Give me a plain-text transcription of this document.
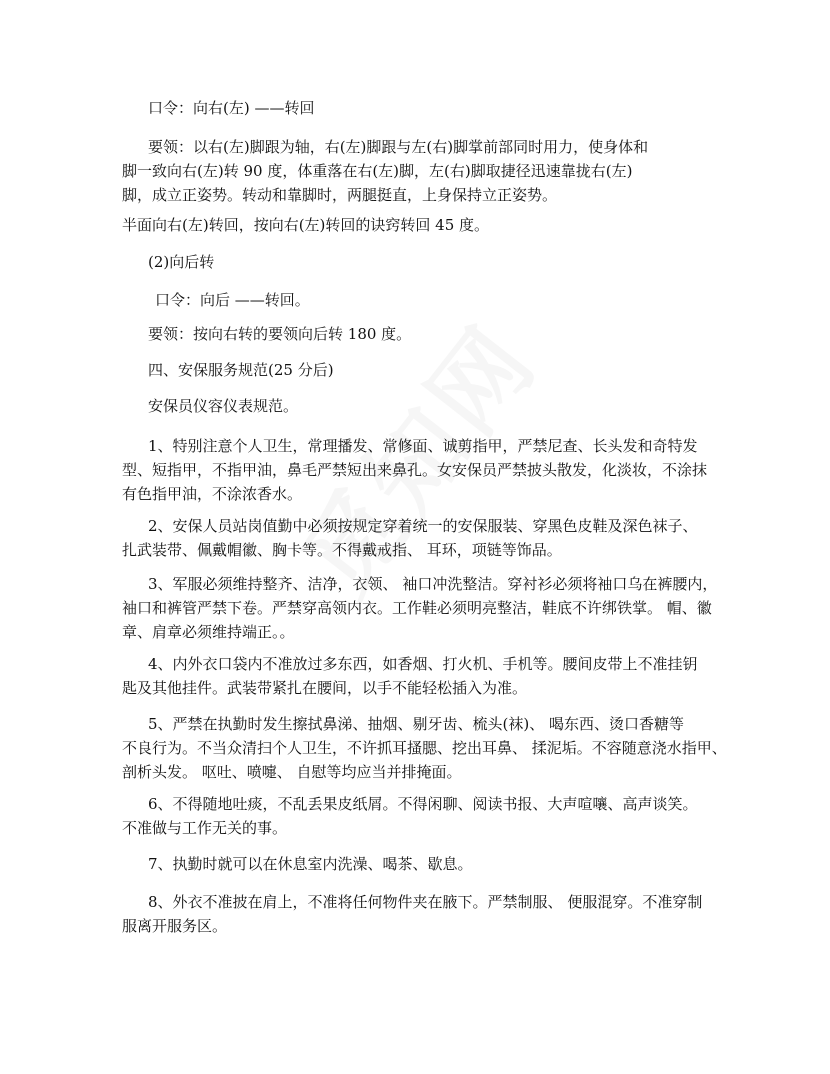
口令：向右(左) ——转回
要领：以右(左)脚跟为轴，右(左)脚跟与左(右)脚掌前部同时用力，使身体和
脚一致向右(左)转 90 度，体重落在右(左)脚，左(右)脚取捷径迅速靠拢右(左)
脚，成立正姿势。转动和靠脚时，两腿挺直，上身保持立正姿势。
半面向右(左)转回，按向右(左)转回的诀窍转回 45 度。
(2)向后转
口令：向后 ——转回。
要领：按向右转的要领向后转 180 度。
四、安保服务规范(25 分后)
安保员仪容仪表规范。
1、特别注意个人卫生，常理播发、常修面、诚剪指甲，严禁尼查、长头发和奇特发
型、短指甲，不指甲油，鼻毛严禁短出来鼻孔。女安保员严禁披头散发，化淡妆，不涂抹
有色指甲油，不涂浓香水。
2、安保人员站岗值勤中必须按规定穿着统一的安保服装、穿黑色皮鞋及深色袜子、
扎武装带、佩戴帽徽、胸卡等。不得戴戒指、 耳环，项链等饰品。
3、军服必须维持整齐、洁净，衣领、 袖口冲洗整洁。穿衬衫必须将袖口乌在裤腰内，
袖口和裤管严禁下卷。严禁穿高领内衣。工作鞋必须明亮整洁，鞋底不许绑铁掌。 帽、徽
章、肩章必须维持端正。。
4、内外衣口袋内不准放过多东西，如香烟、打火机、手机等。腰间皮带上不准挂钥
匙及其他挂件。武装带紧扎在腰间，以手不能轻松插入为准。
5、严禁在执勤时发生擦拭鼻涕、抽烟、剔牙齿、梳头(袜)、 喝东西、烫口香糖等
不良行为。不当众清扫个人卫生，不许抓耳搔腮、挖出耳鼻、 揉泥垢。不容随意浇水指甲、
剖析头发。 呕吐、喷嚏、 自慰等均应当并排掩面。
6、不得随地吐痰，不乱丢果皮纸屑。不得闲聊、阅读书报、大声喧嚷、高声谈笑。
不准做与工作无关的事。
7、执勤时就可以在休息室内洗澡、喝茶、歇息。
8、外衣不准披在肩上，不准将任何物件夹在腋下。严禁制服、 便服混穿。不准穿制
服离开服务区。
